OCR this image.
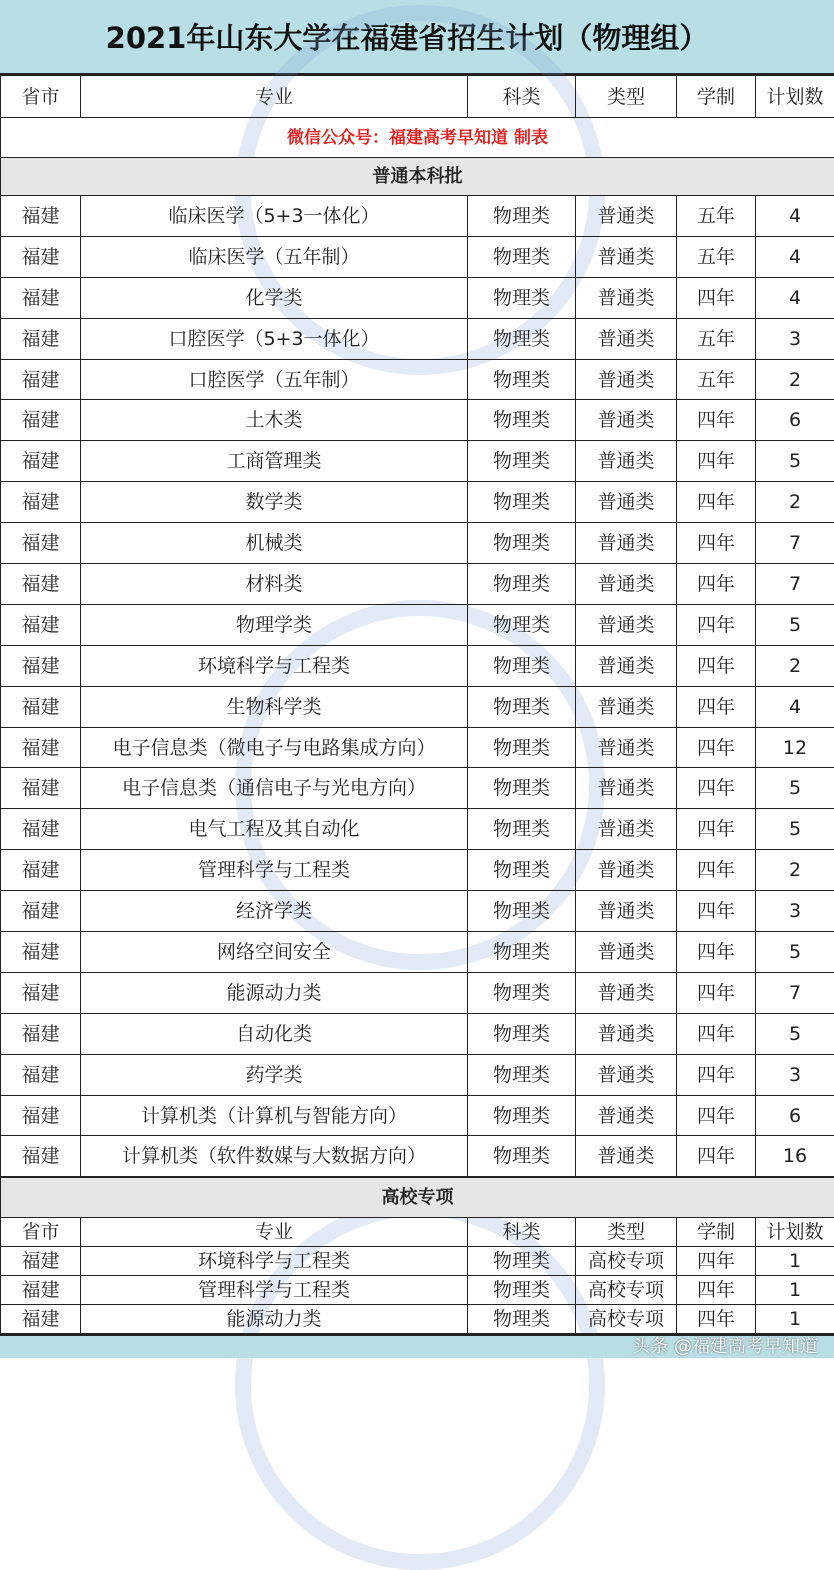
2021年山东大学在福建省招生计划（物理组）
省市	专业	科类	类型	学制	计划数
微信公众号：福建高考早知道 制表					
普通本科批					
福建	临床医学（5+3一体化）	物理类	普通类	五年	4
福建	临床医学（五年制）	物理类	普通类	五年	4
福建	化学类	物理类	普通类	四年	4
福建	口腔医学（5+3一体化）	物理类	普通类	五年	3
福建	口腔医学（五年制）	物理类	普通类	五年	2
福建	土木类	物理类	普通类	四年	6
福建	工商管理类	物理类	普通类	四年	5
福建	数学类	物理类	普通类	四年	2
福建	机械类	物理类	普通类	四年	7
福建	材料类	物理类	普通类	四年	7
福建	物理学类	物理类	普通类	四年	5
福建	环境科学与工程类	物理类	普通类	四年	2
福建	生物科学类	物理类	普通类	四年	4
福建	电子信息类（微电子与电路集成方向）	物理类	普通类	四年	12
福建	电子信息类（通信电子与光电方向）	物理类	普通类	四年	5
福建	电气工程及其自动化	物理类	普通类	四年	5
福建	管理科学与工程类	物理类	普通类	四年	2
福建	经济学类	物理类	普通类	四年	3
福建	网络空间安全	物理类	普通类	四年	5
福建	能源动力类	物理类	普通类	四年	7
福建	自动化类	物理类	普通类	四年	5
福建	药学类	物理类	普通类	四年	3
福建	计算机类（计算机与智能方向）	物理类	普通类	四年	6
福建	计算机类（软件数媒与大数据方向）	物理类	普通类	四年	16
高校专项					
省市	专业	科类	类型	学制	计划数
福建	环境科学与工程类	物理类	高校专项	四年	1
福建	管理科学与工程类	物理类	高校专项	四年	1
福建	能源动力类	物理类	高校专项	四年	1
头条 @福建高考早知道
